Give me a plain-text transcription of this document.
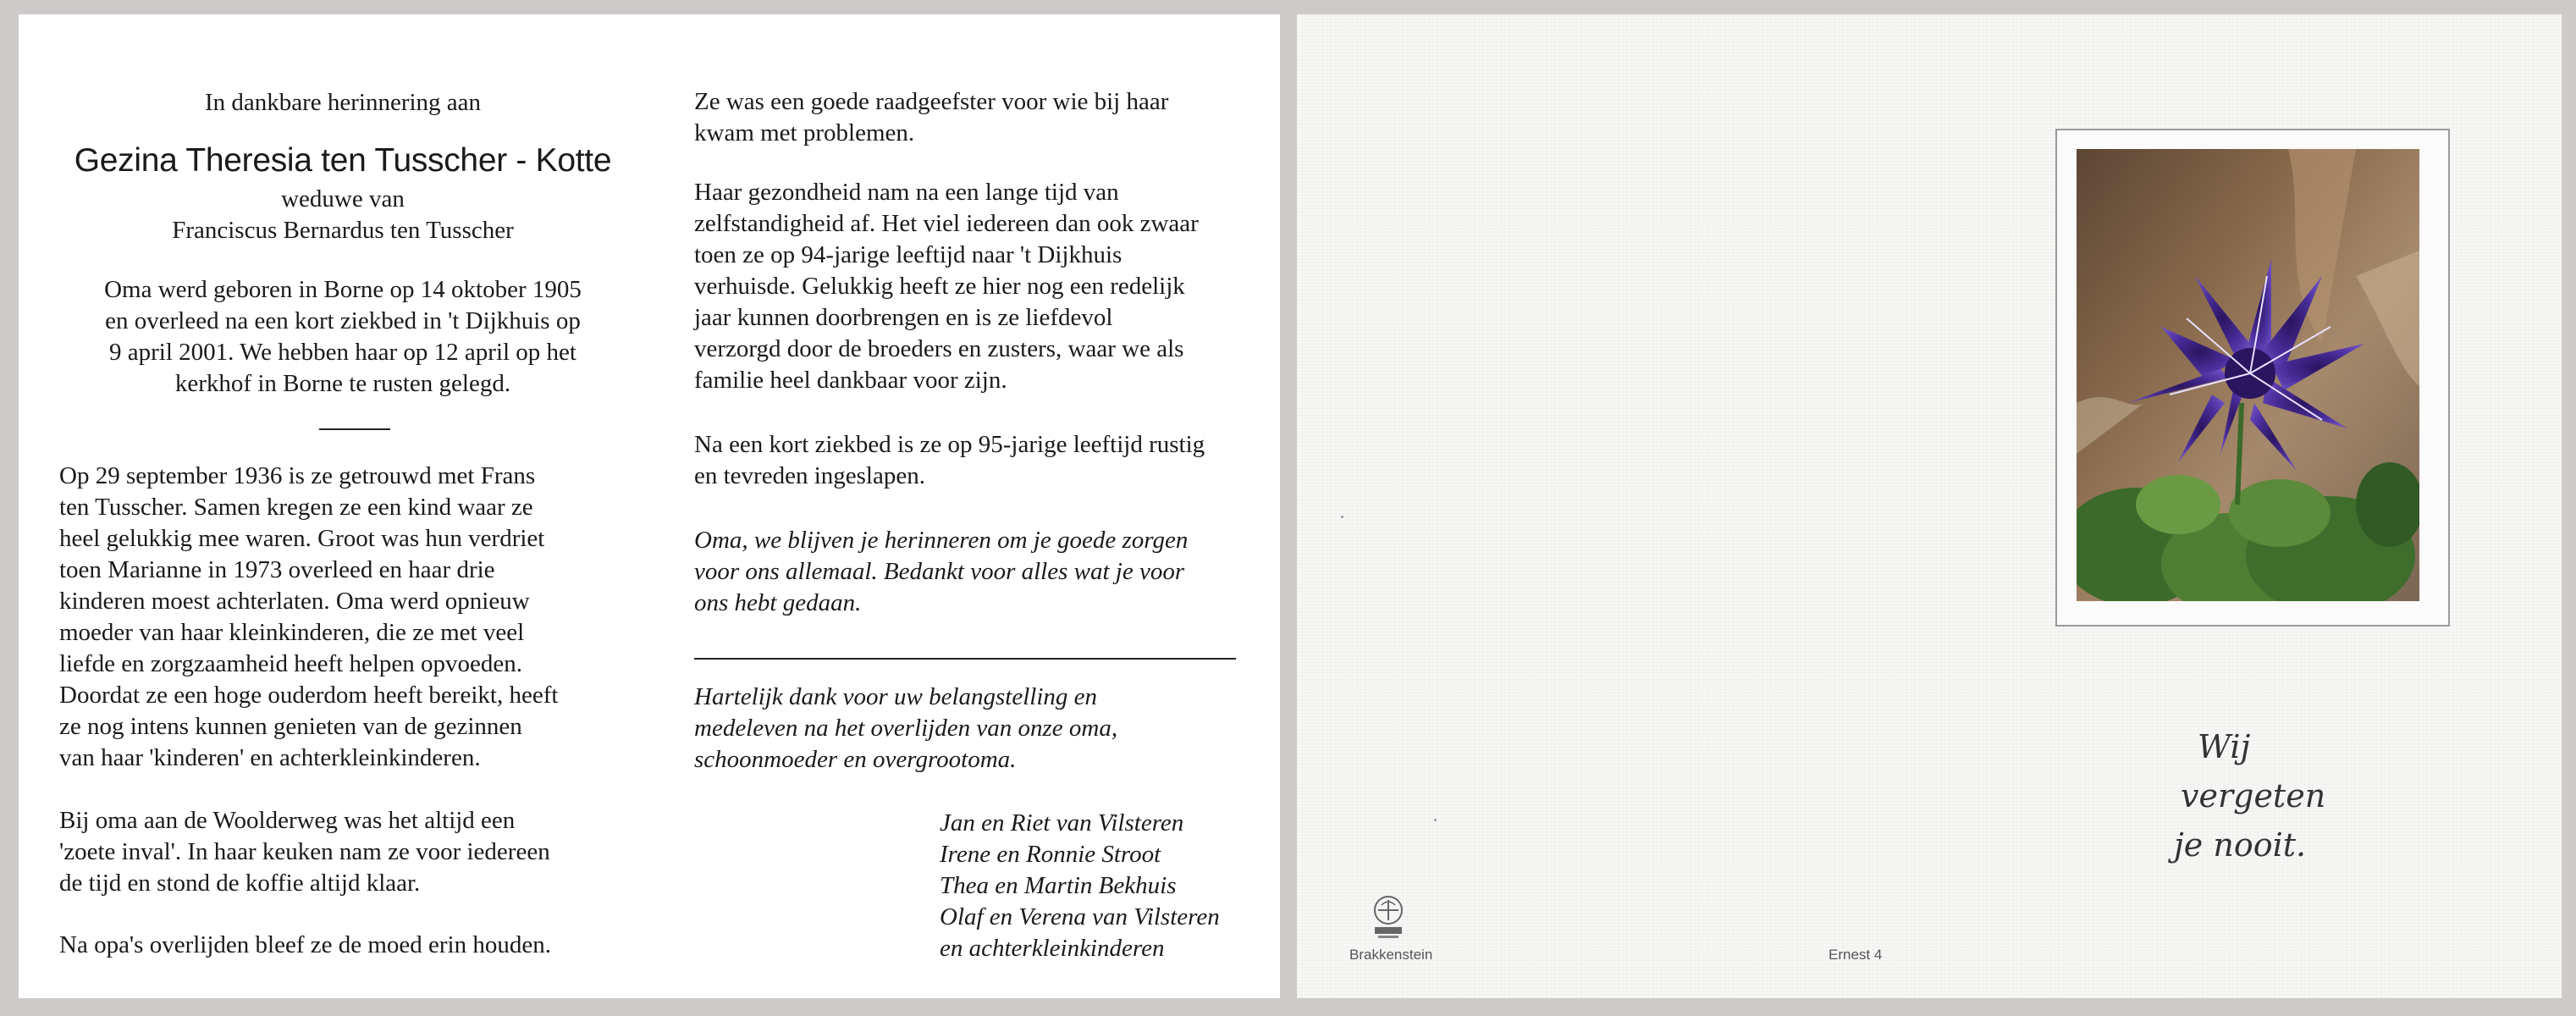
In dankbare herinnering aan

Gezina Theresia ten Tusscher - Kotte

weduwe van

Franciscus Bernardus ten Tusscher

Oma werd geboren in Borne op 14 oktober 1905
en overleed na een kort ziekbed in 't Dijkhuis op
9 april 2001. We hebben haar op 12 april op het
kerkhof in Borne te rusten gelegd.
Op 29 september 1936 is ze getrouwd met Frans
ten Tusscher. Samen kregen ze een kind waar ze
heel gelukkig mee waren. Groot was hun verdriet
toen Marianne in 1973 overleed en haar drie
kinderen moest achterlaten. Oma werd opnieuw
moeder van haar kleinkinderen, die ze met veel
liefde en zorgzaamheid heeft helpen opvoeden.
Doordat ze een hoge ouderdom heeft bereikt, heeft
ze nog intens kunnen genieten van de gezinnen
van haar 'kinderen' en achterkleinkinderen.
Bij oma aan de Woolderweg was het altijd een
'zoete inval'. In haar keuken nam ze voor iedereen
de tijd en stond de koffie altijd klaar.

Na opa's overlijden bleef ze de moed erin houden.

Ze was een goede raadgeefster voor wie bij haar
kwam met problemen.
Haar gezondheid nam na een lange tijd van
zelfstandigheid af. Het viel iedereen dan ook zwaar
toen ze op 94-jarige leeftijd naar 't Dijkhuis
verhuisde. Gelukkig heeft ze hier nog een redelijk
jaar kunnen doorbrengen en is ze liefdevol
verzorgd door de broeders en zusters, waar we als
familie heel dankbaar voor zijn.
Na een kort ziekbed is ze op 95-jarige leeftijd rustig
en tevreden ingeslapen.
Oma, we blijven je herinneren om je goede zorgen
voor ons allemaal. Bedankt voor alles wat je voor
ons hebt gedaan.
Hartelijk dank voor uw belangstelling en
medeleven na het overlijden van onze oma,
schoonmoeder en overgrootoma.
Jan en Riet van Vilsteren
Irene en Ronnie Stroot
Thea en Martin Bekhuis
Olaf en Verena van Vilsteren
en achterkleinkinderen
Wij
vergeten
je nooit.
Brakkenstein	Ernest 4
